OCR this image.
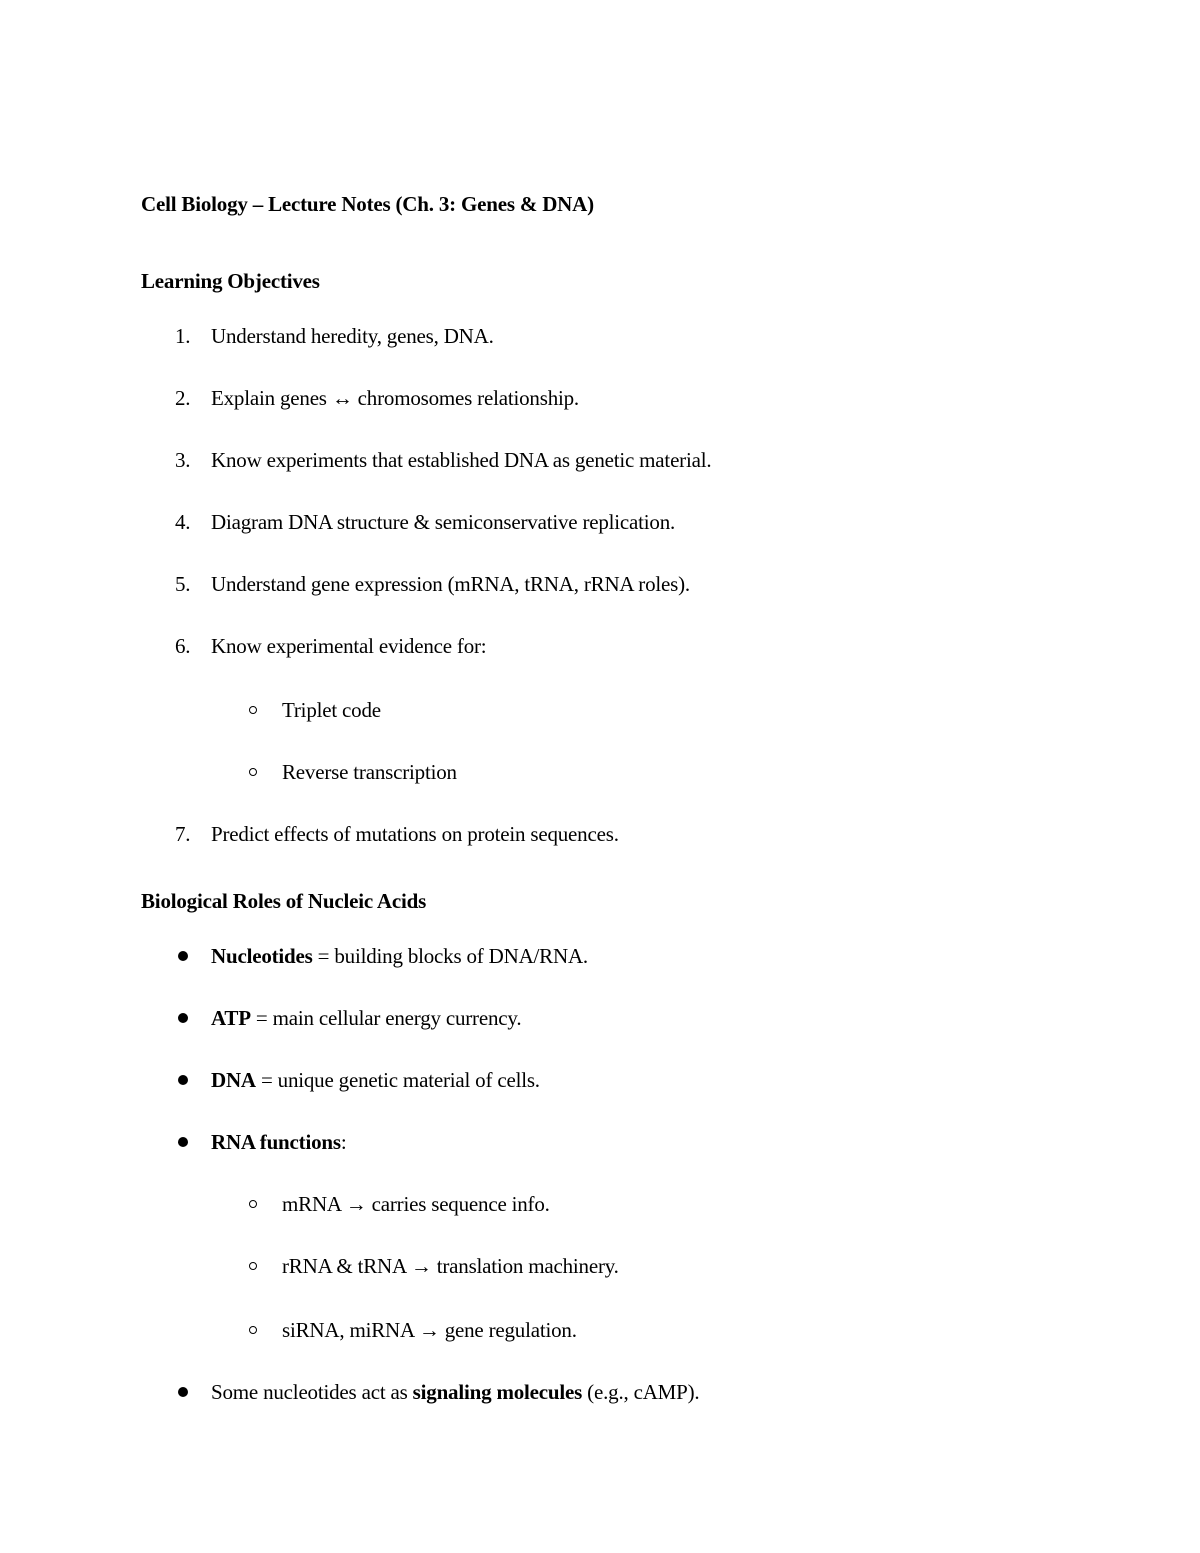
Cell Biology – Lecture Notes (Ch. 3: Genes & DNA)
Learning Objectives
1. Understand heredity, genes, DNA.
2. Explain genes ↔ chromosomes relationship.
3. Know experiments that established DNA as genetic material.
4. Diagram DNA structure & semiconservative replication.
5. Understand gene expression (mRNA, tRNA, rRNA roles).
6. Know experimental evidence for:
Triplet code
Reverse transcription
7. Predict effects of mutations on protein sequences.
Biological Roles of Nucleic Acids
Nucleotides = building blocks of DNA/RNA.
ATP = main cellular energy currency.
DNA = unique genetic material of cells.
RNA functions:
mRNA → carries sequence info.
rRNA & tRNA → translation machinery.
siRNA, miRNA → gene regulation.
Some nucleotides act as signaling molecules (e.g., cAMP).
